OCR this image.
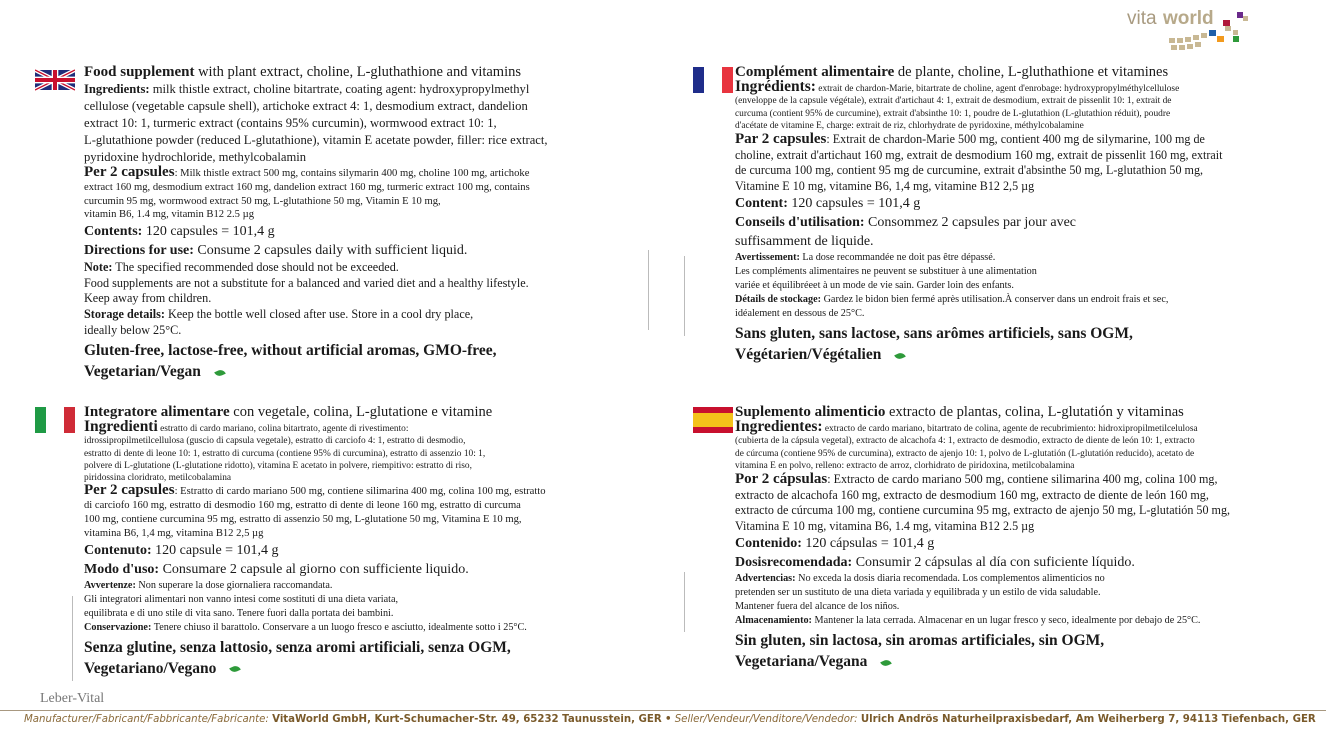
vita world
Food supplement with plant extract, choline, L-gluthathione and vitamins
Ingredients: milk thistle extract, choline bitartrate, coating agent: hydroxypropylmethyl
cellulose (vegetable capsule shell), artichoke extract 4: 1, desmodium extract, dandelion
extract 10: 1, turmeric extract (contains 95% curcumin), wormwood extract 10: 1,
L-glutathione powder (reduced L-glutathione), vitamin E acetate powder, filler: rice extract,
pyridoxine hydrochloride, methylcobalamin
Per 2 capsules: Milk thistle extract 500 mg, contains silymarin 400 mg, choline 100 mg, artichoke
extract 160 mg, desmodium extract 160 mg, dandelion extract 160 mg, turmeric extract 100 mg, contains
curcumin 95 mg, wormwood extract 50 mg, L-glutathione 50 mg, Vitamin E 10 mg,
vitamin B6, 1.4 mg, vitamin B12 2.5 µg
Contents: 120 capsules = 101,4 g
Directions for use: Consume 2 capsules daily with sufficient liquid.
Note: The specified recommended dose should not be exceeded.
Food supplements are not a substitute for a balanced and varied diet and a healthy lifestyle.
Keep away from children.
Storage details: Keep the bottle well closed after use. Store in a cool dry place,
ideally below 25°C.
Gluten-free, lactose-free, without artificial aromas, GMO-free,
Vegetarian/Vegan
Complément alimentaire de plante, choline, L-gluthathione et vitamines
Ingrédients: extrait de chardon-Marie, bitartrate de choline, agent d'enrobage: hydroxypropylméthylcellulose
(enveloppe de la capsule végétale), extrait d'artichaut 4: 1, extrait de desmodium, extrait de pissenlit 10: 1, extrait de
curcuma (contient 95% de curcumine), extrait d'absinthe 10: 1, poudre de L-glutathion (L-glutathion réduit), poudre
d'acétate de vitamine E, charge: extrait de riz, chlorhydrate de pyridoxine, méthylcobalamine
Par 2 capsules: Extrait de chardon-Marie 500 mg, contient 400 mg de silymarine, 100 mg de
choline, extrait d'artichaut 160 mg, extrait de desmodium 160 mg, extrait de pissenlit 160 mg, extrait
de curcuma 100 mg, contient 95 mg de curcumine, extrait d'absinthe 50 mg, L-glutathion 50 mg,
Vitamine E 10 mg, vitamine B6, 1,4 mg, vitamine B12 2,5 µg
Content: 120 capsules = 101,4 g
Conseils d'utilisation: Consommez 2 capsules par jour avec
suffisamment de liquide.
Avertissement: La dose recommandée ne doit pas être dépassé.
Les compléments alimentaires ne peuvent se substituer à une alimentation
variée et équilibréeet à un mode de vie sain. Garder loin des enfants.
Détails de stockage: Gardez le bidon bien fermé après utilisation.À conserver dans un endroit frais et sec,
idéalement en dessous de 25°C.
Sans gluten, sans lactose, sans arômes artificiels, sans OGM,
Végétarien/Végétalien
Integratore alimentare con vegetale, colina, L-glutatione e vitamine
Ingredienti estratto di cardo mariano, colina bitartrato, agente di rivestimento:
idrossipropilmetilcellulosa (guscio di capsula vegetale), estratto di carciofo 4: 1, estratto di desmodio,
estratto di dente di leone 10: 1, estratto di curcuma (contiene 95% di curcumina), estratto di assenzio 10: 1,
polvere di L-glutatione (L-glutatione ridotto), vitamina E acetato in polvere, riempitivo: estratto di riso,
piridossina cloridrato, metilcobalamina
Per 2 capsules: Estratto di cardo mariano 500 mg, contiene silimarina 400 mg, colina 100 mg, estratto
di carciofo 160 mg, estratto di desmodio 160 mg, estratto di dente di leone 160 mg, estratto di curcuma
100 mg, contiene curcumina 95 mg, estratto di assenzio 50 mg, L-glutatione 50 mg, Vitamina E 10 mg,
vitamina B6, 1,4 mg, vitamina B12 2,5 µg
Contenuto: 120 capsule = 101,4 g
Modo d'uso: Consumare 2 capsule al giorno con sufficiente liquido.
Avvertenze: Non superare la dose giornaliera raccomandata.
Gli integratori alimentari non vanno intesi come sostituti di una dieta variata,
equilibrata e di uno stile di vita sano. Tenere fuori dalla portata dei bambini.
Conservazione: Tenere chiuso il barattolo. Conservare a un luogo fresco e asciutto, idealmente sotto i 25°C.
Senza glutine, senza lattosio, senza aromi artificiali, senza OGM,
Vegetariano/Vegano
Suplemento alimenticio extracto de plantas, colina, L-glutatión y vitaminas
Ingredientes: extracto de cardo mariano, bitartrato de colina, agente de recubrimiento: hidroxipropilmetilcelulosa
(cubierta de la cápsula vegetal), extracto de alcachofa 4: 1, extracto de desmodio, extracto de diente de león 10: 1, extracto
de cúrcuma (contiene 95% de curcumina), extracto de ajenjo 10: 1, polvo de L-glutatión (L-glutatión reducido), acetato de
vitamina E en polvo, relleno: extracto de arroz, clorhidrato de piridoxina, metilcobalamina
Por 2 cápsulas: Extracto de cardo mariano 500 mg, contiene silimarina 400 mg, colina 100 mg,
extracto de alcachofa 160 mg, extracto de desmodium 160 mg, extracto de diente de león 160 mg,
extracto de cúrcuma 100 mg, contiene curcumina 95 mg, extracto de ajenjo 50 mg, L-glutatión 50 mg,
Vitamina E 10 mg, vitamina B6, 1.4 mg, vitamina B12 2.5 µg
Contenido: 120 cápsulas = 101,4 g
Dosisrecomendada: Consumir 2 cápsulas al día con suficiente líquido.
Advertencias: No exceda la dosis diaria recomendada. Los complementos alimenticios no
pretenden ser un sustituto de una dieta variada y equilibrada y un estilo de vida saludable.
Mantener fuera del alcance de los niños.
Almacenamiento: Mantener la lata cerrada. Almacenar en un lugar fresco y seco, idealmente por debajo de 25°C.
Sin gluten, sin lactosa, sin aromas artificiales, sin OGM,
Vegetariana/Vegana
Leber-Vital
Manufacturer/Fabricant/Fabbricante/Fabricante: VitaWorld GmbH, Kurt-Schumacher-Str. 49, 65232 Taunusstein, GER • Seller/Vendeur/Venditore/Vendedor: Ulrich Andrös Naturheilpraxisbedarf, Am Weiherberg 7, 94113 Tiefenbach, GER
